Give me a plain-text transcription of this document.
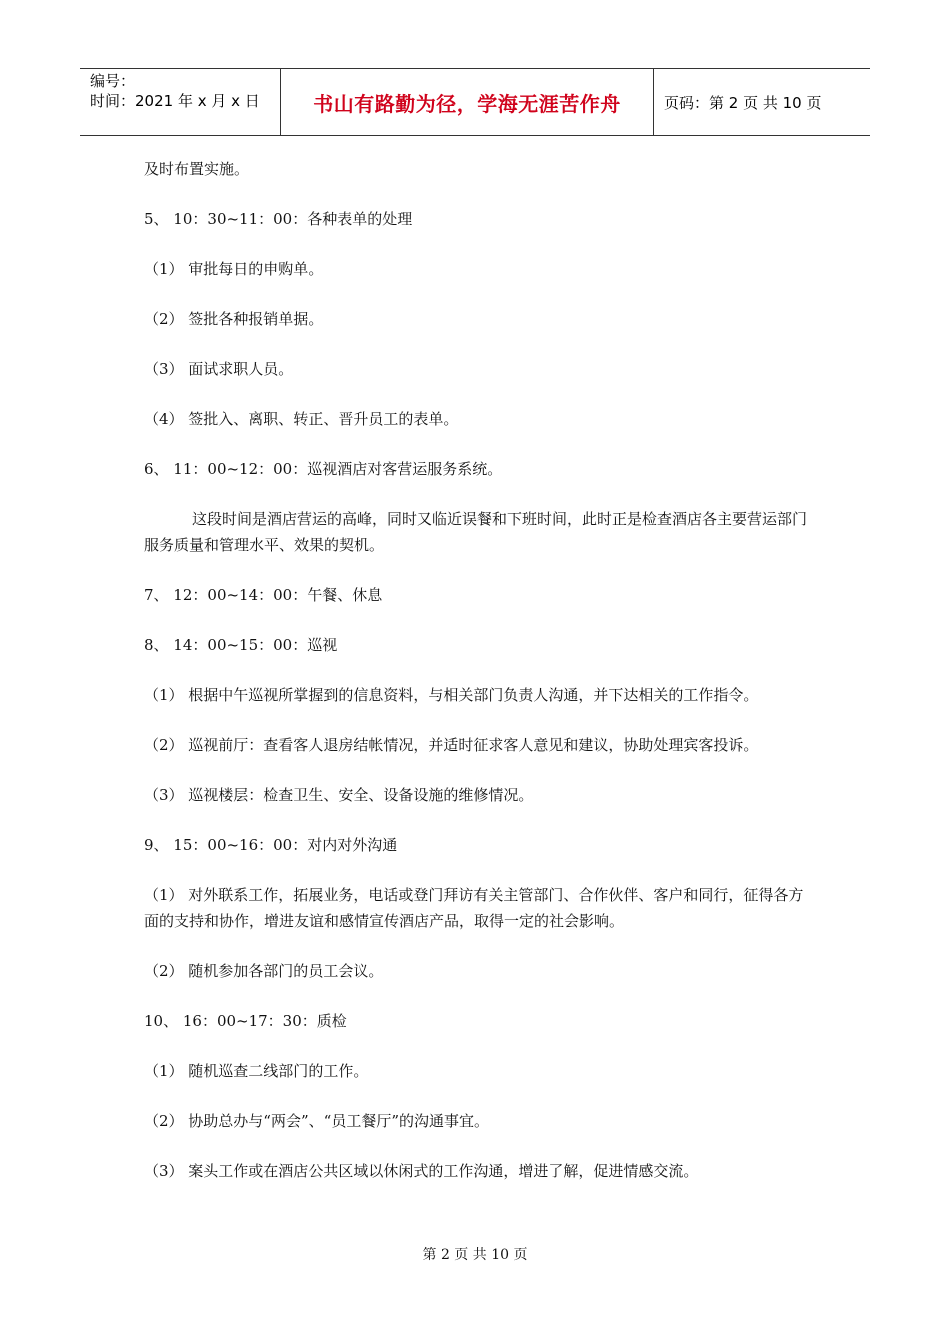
编号：
时间：2021 年 x 月 x 日	书山有路勤为径，学海无涯苦作舟	页码：第 2 页 共 10 页

及时布置实施。

5、 10：30~11：00：各种表单的处理

（1） 审批每日的申购单。

（2） 签批各种报销单据。

（3） 面试求职人员。

（4） 签批入、离职、转正、晋升员工的表单。

6、 11：00~12：00：巡视酒店对客营运服务系统。

这段时间是酒店营运的高峰，同时又临近误餐和下班时间，此时正是检查酒店各主要营运部门服务质量和管理水平、效果的契机。

7、 12：00~14：00：午餐、休息

8、 14：00~15：00：巡视

（1） 根据中午巡视所掌握到的信息资料，与相关部门负责人沟通，并下达相关的工作指令。

（2） 巡视前厅：查看客人退房结帐情况，并适时征求客人意见和建议，协助处理宾客投诉。

（3） 巡视楼层：检查卫生、安全、设备设施的维修情况。

9、 15：00~16：00：对内对外沟通

（1） 对外联系工作，拓展业务，电话或登门拜访有关主管部门、合作伙伴、客户和同行，征得各方面的支持和协作，增进友谊和感情宣传酒店产品，取得一定的社会影响。

（2） 随机参加各部门的员工会议。

10、 16：00~17：30：质检

（1） 随机巡查二线部门的工作。

（2） 协助总办与“两会”、“员工餐厅”的沟通事宜。

（3） 案头工作或在酒店公共区域以休闲式的工作沟通，增进了解，促进情感交流。

第 2 页 共 10 页
